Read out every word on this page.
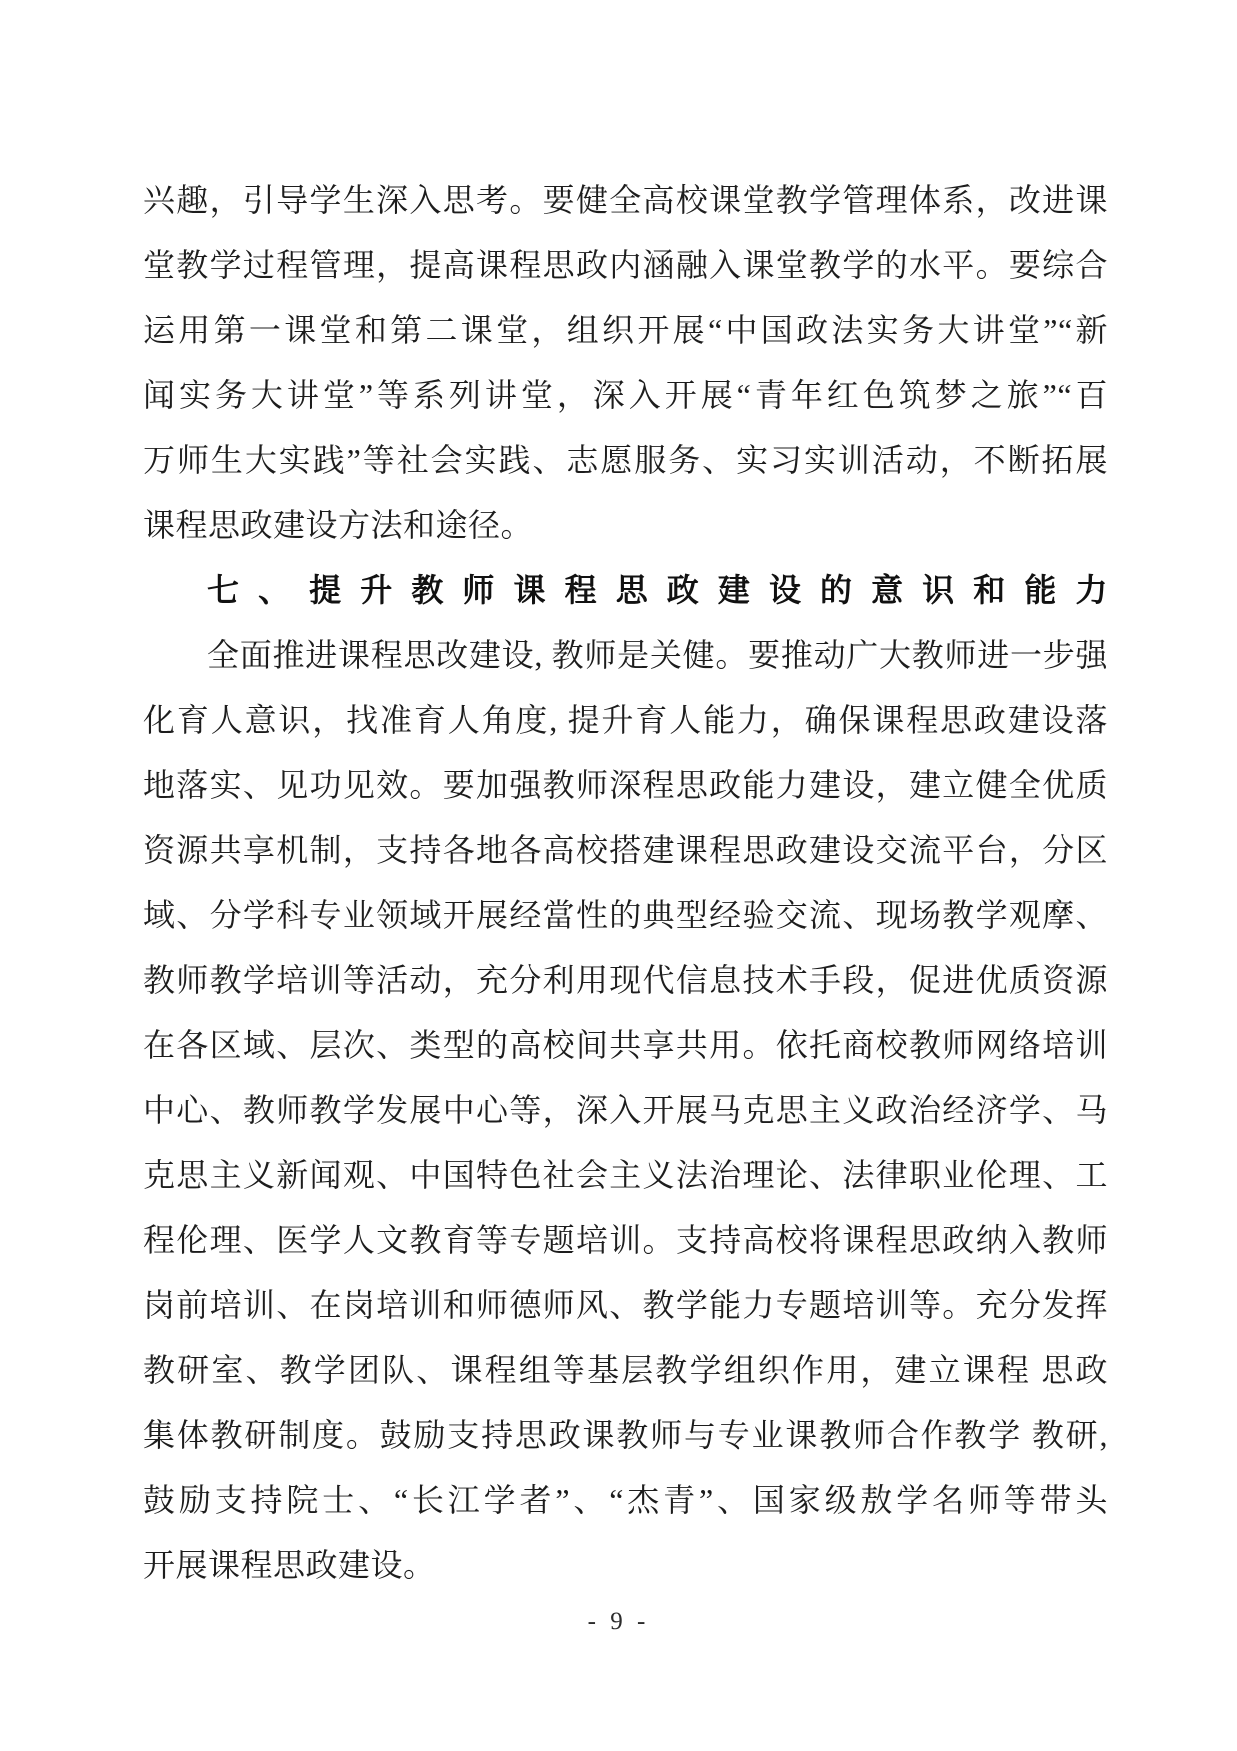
兴趣，引导学生深入思考。要健全高校课堂教学管理体系，改进课
堂教学过程管理，提高课程思政内涵融入课堂教学的水平。要综合
运用第一课堂和第二课堂，组织开展“中国政法实务大讲堂”“新
闻实务大讲堂”等系列讲堂，深入开展“青年红色筑梦之旅”“百
万师生大实践”等社会实践、志愿服务、实习实训活动，不断拓展
课程思政建设方法和途径。
七、提升教师课程思政建设的意识和能力
全面推进课程思改建设, 教师是关健。要推动广大教师进一步强
化育人意识，找准育人角度, 提升育人能力，确保课程思政建设落
地落实、见功见效。要加强教师深程思政能力建设，建立健全优质
资源共享机制，支持各地各高校搭建课程思政建设交流平台，分区
域、分学科专业领域开展经當性的典型经验交流、现场教学观摩、
教师教学培训等活动，充分利用现代信息技术手段，促进优质资源
在各区域、层次、类型的高校间共享共用。依托商校教师网络培训
中心、教师教学发展中心等，深入开展马克思主义政治经济学、马
克思主义新闻观、中国特色社会主义法治理论、法律职业伦理、工
程伦理、医学人文教育等专题培训。支持高校将课程思政纳入教师
岗前培训、在岗培训和师德师风、教学能力专题培训等。充分发挥
教研室、教学团队、课程组等基层教学组织作用，建立课程 思政
集体教研制度。鼓励支持思政课教师与专业课教师合作教学 教研,
鼓励支持院士、“长江学者”、“杰青”、国家级敖学名师等带头
开展课程思政建设。
- 9 -
